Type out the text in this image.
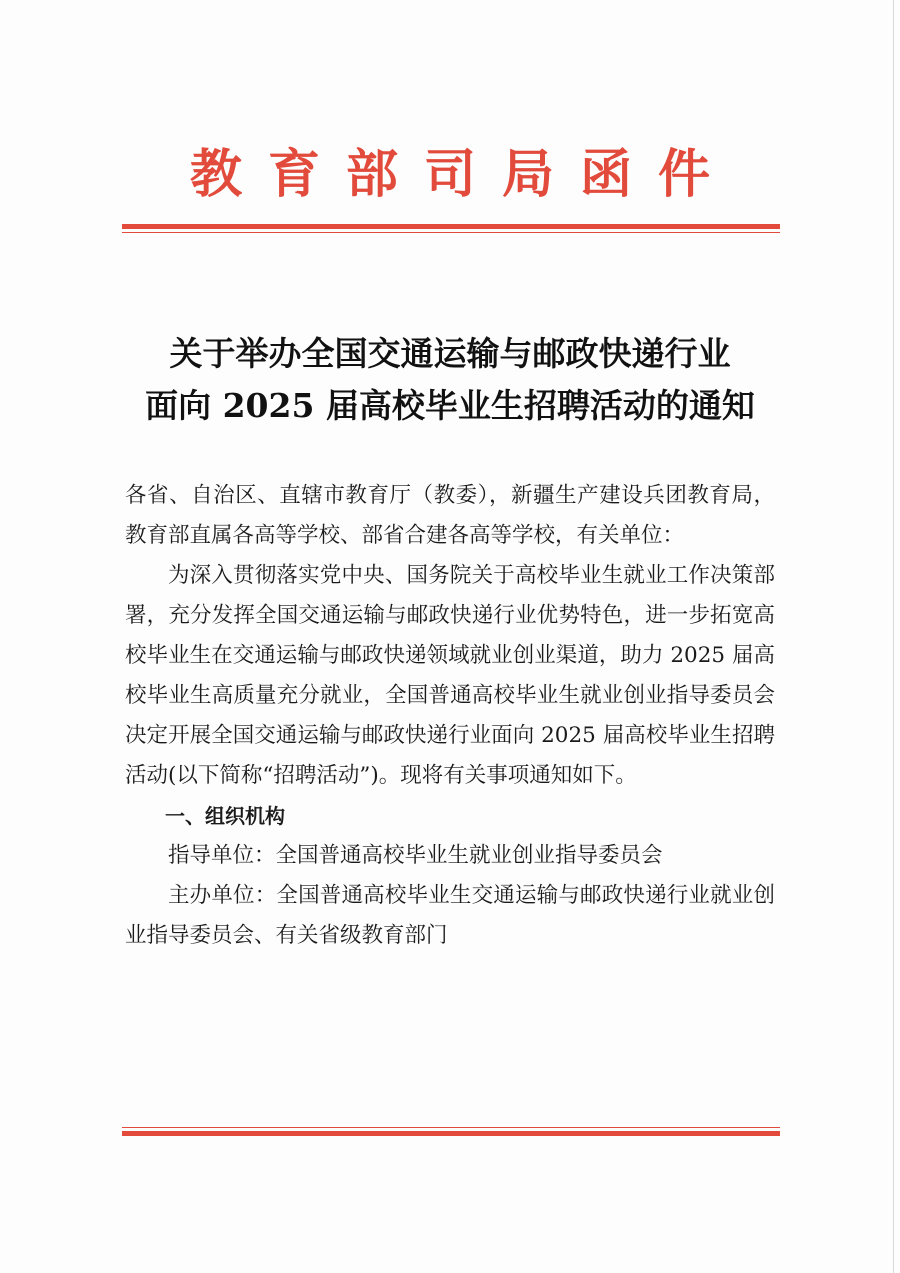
教育部司局函件
关于举办全国交通运输与邮政快递行业
面向 2025 届高校毕业生招聘活动的通知

各省、自治区、直辖市教育厅（教委），新疆生产建设兵团教育局，教育部直属各高等学校、部省合建各高等学校，有关单位：

为深入贯彻落实党中央、国务院关于高校毕业生就业工作决策部署，充分发挥全国交通运输与邮政快递行业优势特色，进一步拓宽高校毕业生在交通运输与邮政快递领域就业创业渠道，助力 2025 届高校毕业生高质量充分就业，全国普通高校毕业生就业创业指导委员会决定开展全国交通运输与邮政快递行业面向 2025 届高校毕业生招聘活动(以下简称“招聘活动”)。现将有关事项通知如下。

一、组织机构

指导单位：全国普通高校毕业生就业创业指导委员会

主办单位：全国普通高校毕业生交通运输与邮政快递行业就业创业指导委员会、有关省级教育部门
